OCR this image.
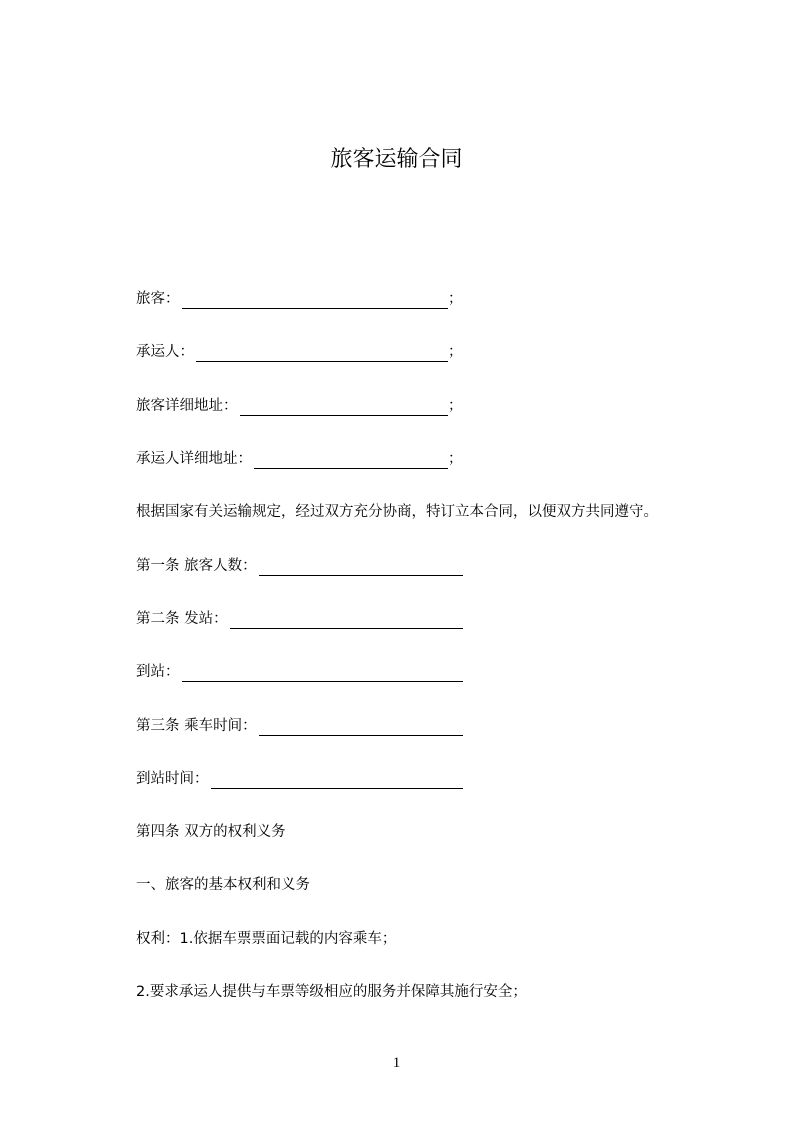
旅客运输合同
旅客：	；
承运人：	；
旅客详细地址：	；
承运人详细地址：	；
根据国家有关运输规定，经过双方充分协商，特订立本合同，以便双方共同遵守。
第一条 旅客人数：
第二条 发站：
到站：
第三条 乘车时间：
到站时间：
第四条 双方的权利义务
一、旅客的基本权利和义务
权利：1.依据车票票面记载的内容乘车；
2.要求承运人提供与车票等级相应的服务并保障其施行安全；
1
